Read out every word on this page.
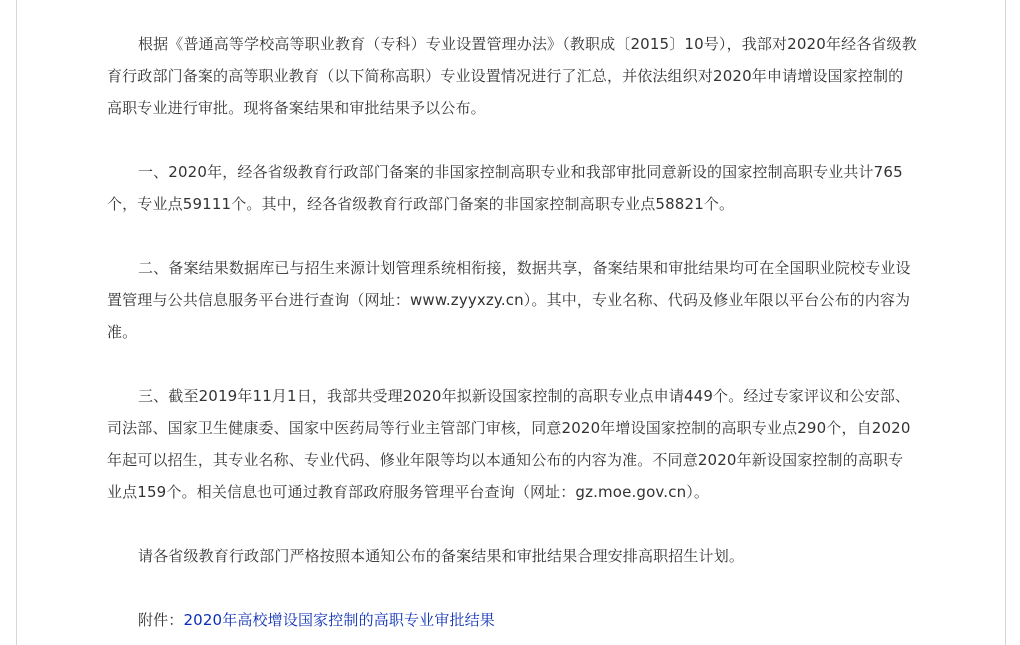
根据《普通高等学校高等职业教育（专科）专业设置管理办法》（教职成〔2015〕10号），我部对2020年经各省级教育行政部门备案的高等职业教育（以下简称高职）专业设置情况进行了汇总，并依法组织对2020年申请增设国家控制的高职专业进行审批。现将备案结果和审批结果予以公布。

一、2020年，经各省级教育行政部门备案的非国家控制高职专业和我部审批同意新设的国家控制高职专业共计765个，专业点59111个。其中，经各省级教育行政部门备案的非国家控制高职专业点58821个。

二、备案结果数据库已与招生来源计划管理系统相衔接，数据共享，备案结果和审批结果均可在全国职业院校专业设置管理与公共信息服务平台进行查询（网址：www.zyyxzy.cn）。其中，专业名称、代码及修业年限以平台公布的内容为准。

三、截至2019年11月1日，我部共受理2020年拟新设国家控制的高职专业点申请449个。经过专家评议和公安部、司法部、国家卫生健康委、国家中医药局等行业主管部门审核，同意2020年增设国家控制的高职专业点290个，自2020年起可以招生，其专业名称、专业代码、修业年限等均以本通知公布的内容为准。不同意2020年新设国家控制的高职专业点159个。相关信息也可通过教育部政府服务管理平台查询（网址：gz.moe.gov.cn）。

请各省级教育行政部门严格按照本通知公布的备案结果和审批结果合理安排高职招生计划。

附件：2020年高校增设国家控制的高职专业审批结果
